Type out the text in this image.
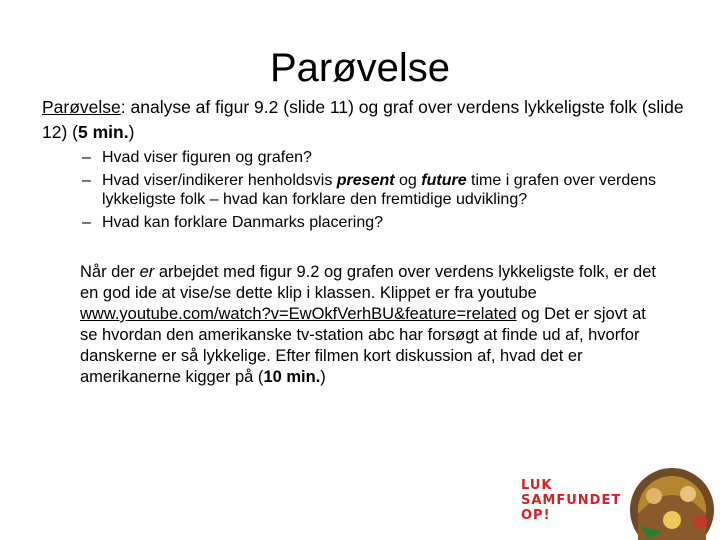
Parøvelse
Parøvelse: analyse af figur 9.2 (slide 11) og graf over verdens lykkeligste folk (slide 12) (5 min.)
– Hvad viser figuren og grafen?
– Hvad viser/indikerer henholdsvis present og future time i grafen over verdens lykkeligste folk – hvad kan forklare den fremtidige udvikling?
– Hvad kan forklare Danmarks placering?
Når der er arbejdet med figur 9.2 og grafen over verdens lykkeligste folk, er det en god ide at vise/se dette klip i klassen. Klippet er fra youtube www.youtube.com/watch?v=EwOkfVerhBU&feature=related og Det er sjovt at se hvordan den amerikanske tv-station abc har forsøgt at finde ud af, hvorfor danskerne er så lykkelige. Efter filmen kort diskussion af, hvad det er amerikanerne kigger på (10 min.)
LUK
SAMFUNDET
OP!
